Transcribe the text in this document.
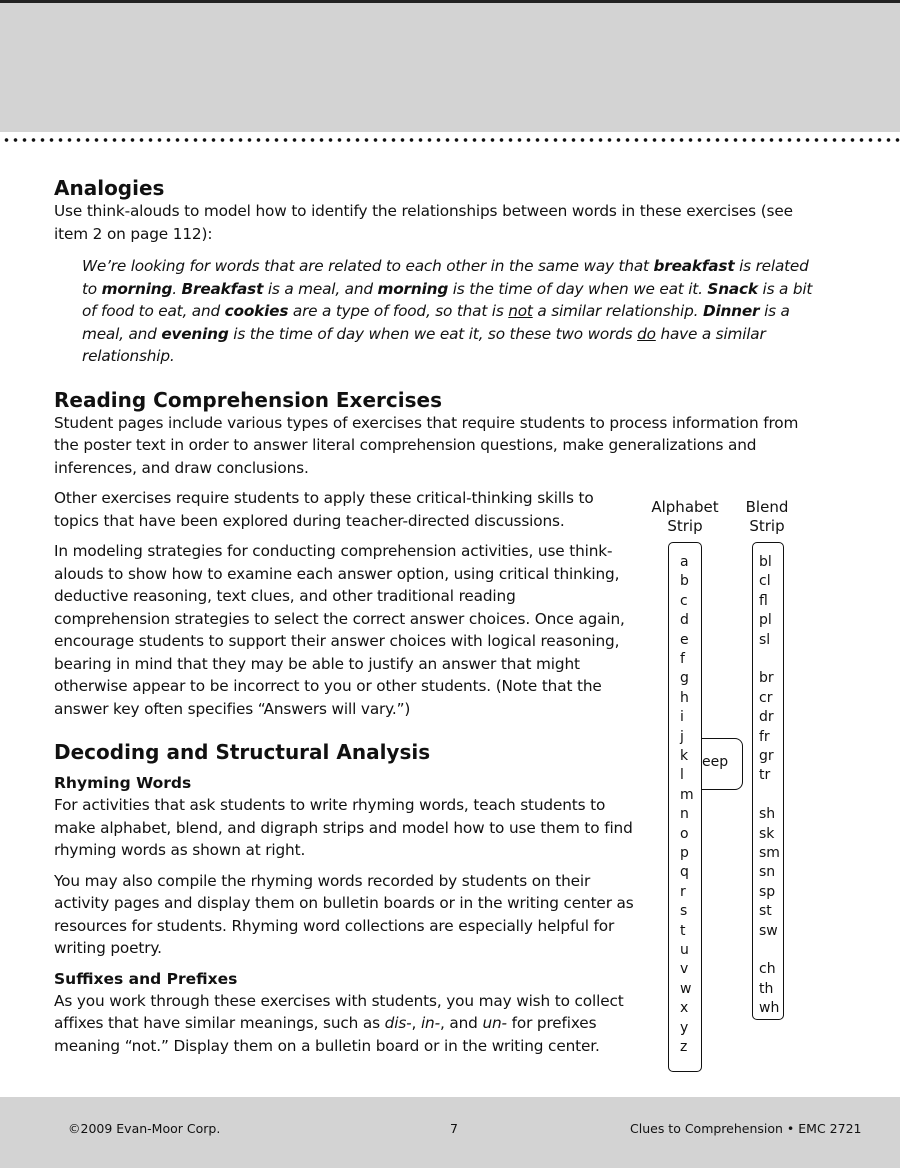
Analogies

Use think-alouds to model how to identify the relationships between words in these exercises (see item 2 on page 112):

We’re looking for words that are related to each other in the same way that breakfast is related to morning. Breakfast is a meal, and morning is the time of day when we eat it. Snack is a bit of food to eat, and cookies are a type of food, so that is not a similar relationship. Dinner is a meal, and evening is the time of day when we eat it, so these two words do have a similar relationship.

Reading Comprehension Exercises

Student pages include various types of exercises that require students to process information from the poster text in order to answer literal comprehension questions, make generalizations and inferences, and draw conclusions.

Other exercises require students to apply these critical-thinking skills to topics that have been explored during teacher-directed discussions.

In modeling strategies for conducting comprehension activities, use think-alouds to show how to examine each answer option, using critical thinking, deductive reasoning, text clues, and other traditional reading comprehension strategies to select the correct answer choices. Once again, encourage students to support their answer choices with logical reasoning, bearing in mind that they may be able to justify an answer that might otherwise appear to be incorrect to you or other students. (Note that the answer key often specifies “Answers will vary.”)

Decoding and Structural Analysis

Rhyming Words

For activities that ask students to write rhyming words, teach students to make alphabet, blend, and digraph strips and model how to use them to find rhyming words as shown at right.

You may also compile the rhyming words recorded by students on their activity pages and display them on bulletin boards or in the writing center as resources for students. Rhyming word collections are especially helpful for writing poetry.

Suffixes and Prefixes

As you work through these exercises with students, you may wish to collect affixes that have similar meanings, such as dis-, in-, and un- for prefixes meaning “not.” Display them on a bulletin board or in the writing center.

Alphabet
Strip
Blend
Strip
eep
a
b
c
d
e
f
g
h
i
j
k
l
m
n
o
p
q
r
s
t
u
v
w
x
y
z
bl
cl
fl
pl
sl
br
cr
dr
fr
gr
tr
sh
sk
sm
sn
sp
st
sw
ch
th
wh
©2009 Evan-Moor Corp.	7	Clues to Comprehension • EMC 2721
